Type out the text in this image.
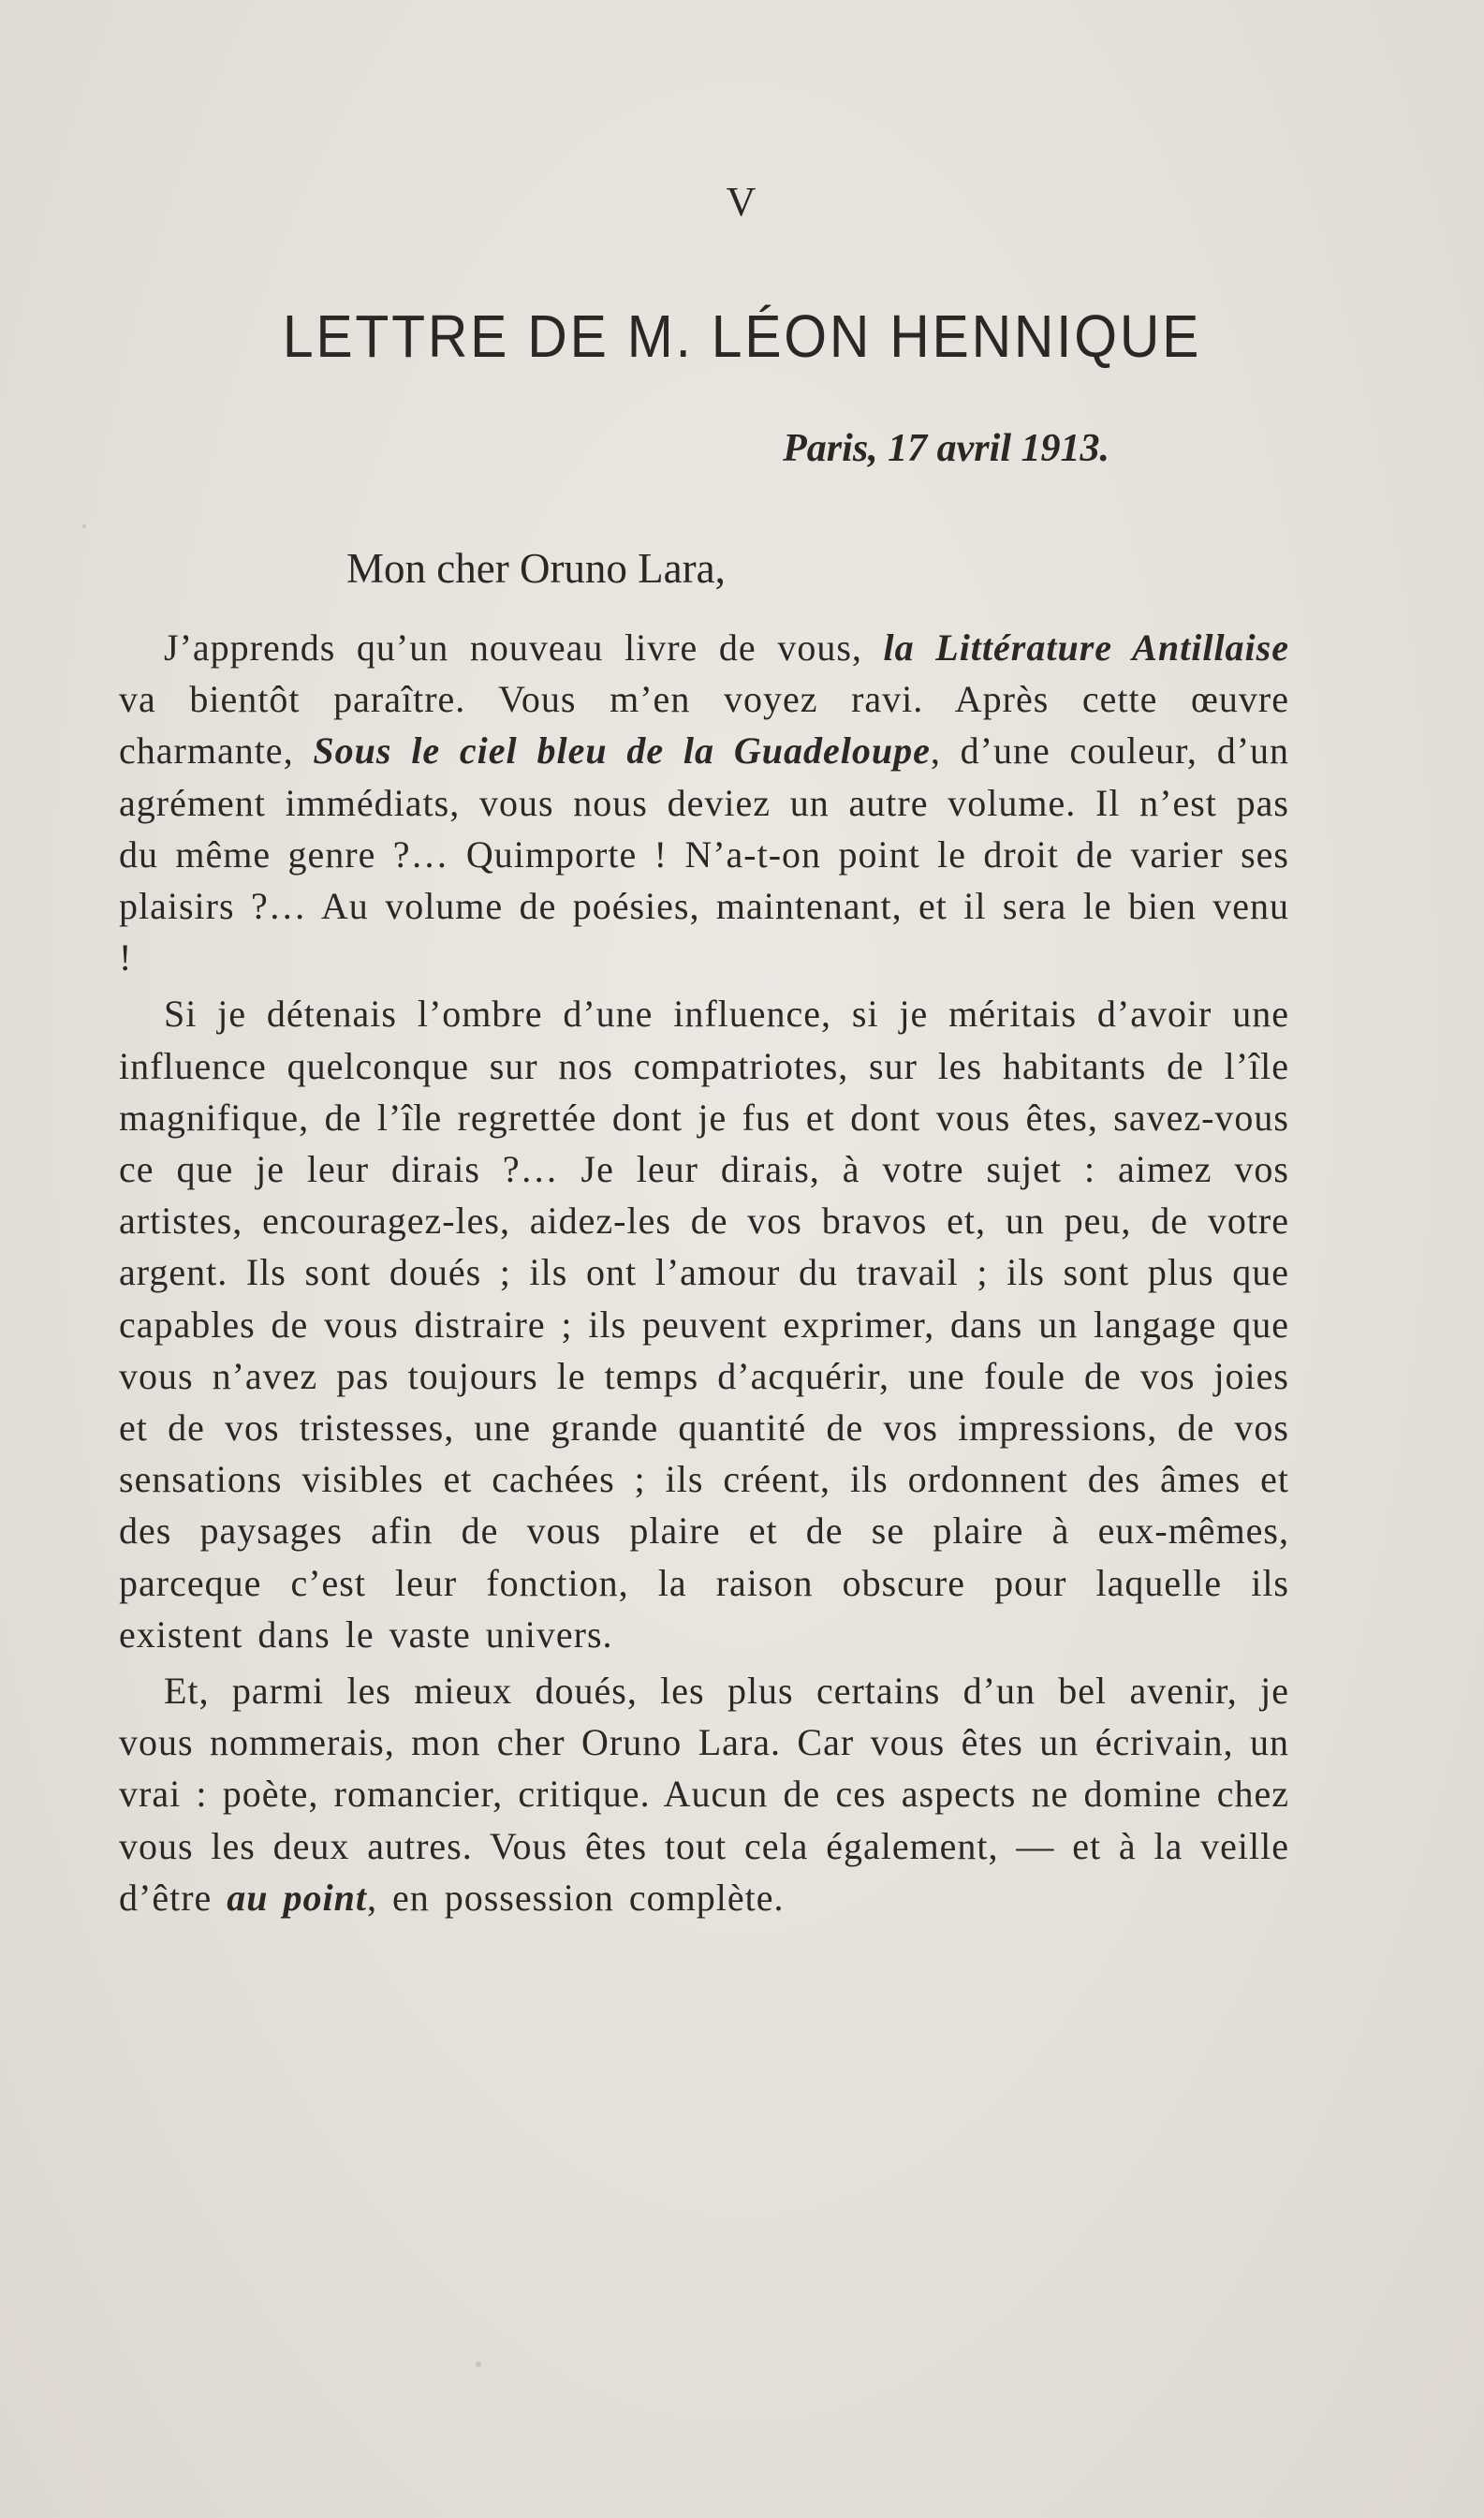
V
LETTRE DE M. LÉON HENNIQUE
Paris, 17 avril 1913.
Mon cher Oruno Lara,

J’apprends qu’un nouveau livre de vous, la Littérature Antillaise va bientôt paraître. Vous m’en voyez ravi. Après cette œuvre charmante, Sous le ciel bleu de la Guadeloupe, d’une couleur, d’un agrément immédiats, vous nous deviez un autre volume. Il n’est pas du même genre ?… Quimporte ! N’a-t-on point le droit de varier ses plaisirs ?… Au volume de poésies, maintenant, et il sera le bien venu !

Si je détenais l’ombre d’une influence, si je méritais d’avoir une influence quelconque sur nos compatriotes, sur les habitants de l’île magnifique, de l’île regrettée dont je fus et dont vous êtes, savez-vous ce que je leur dirais ?… Je leur dirais, à votre sujet : aimez vos artistes, encouragez-les, aidez-les de vos bravos et, un peu, de votre argent. Ils sont doués ; ils ont l’amour du travail ; ils sont plus que capables de vous distraire ; ils peuvent exprimer, dans un langage que vous n’avez pas toujours le temps d’acquérir, une foule de vos joies et de vos tristesses, une grande quantité de vos impressions, de vos sensations visibles et cachées ; ils créent, ils ordonnent des âmes et des paysages afin de vous plaire et de se plaire à eux-mêmes, parceque c’est leur fonction, la raison obscure pour laquelle ils existent dans le vaste univers.

Et, parmi les mieux doués, les plus certains d’un bel avenir, je vous nommerais, mon cher Oruno Lara. Car vous êtes un écrivain, un vrai : poète, romancier, critique. Aucun de ces aspects ne domine chez vous les deux autres. Vous êtes tout cela également, — et à la veille d’être au point, en possession complète.
